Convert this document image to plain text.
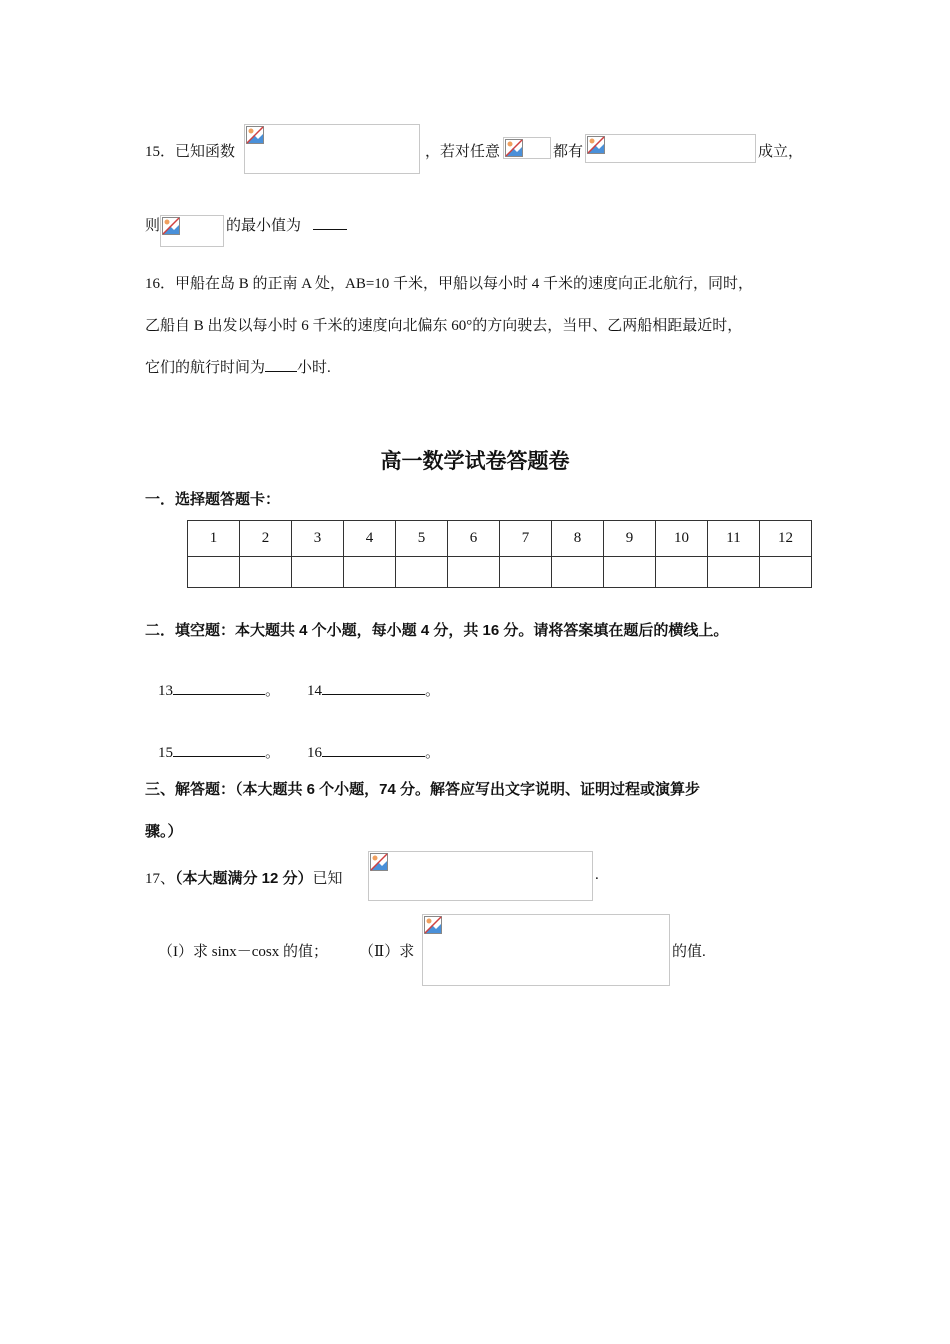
15．已知函数	，若对任意	都有	成立，
则	的最小值为
16．甲船在岛 B 的正南 A 处，AB=10 千米，甲船以每小时 4 千米的速度向正北航行，同时，
乙船自 B 出发以每小时 6 千米的速度向北偏东 60°的方向驶去，当甲、乙两船相距最近时，
它们的航行时间为 小时.
高一数学试卷答题卷
一．选择题答题卡：
1	2	3	4	5	6	7	8	9	10	11	12

二．填空题：本大题共 4 个小题，每小题 4 分，共 16 分。请将答案填在题后的横线上。
13	。 14	。
15	。 16	。
三、解答题：（本大题共 6 个小题，74 分。解答应写出文字说明、证明过程或演算步
骤。）
17、（本大题满分 12 分）已知	.
（I）求 sinx－cosx 的值； （Ⅱ）求	的值.
